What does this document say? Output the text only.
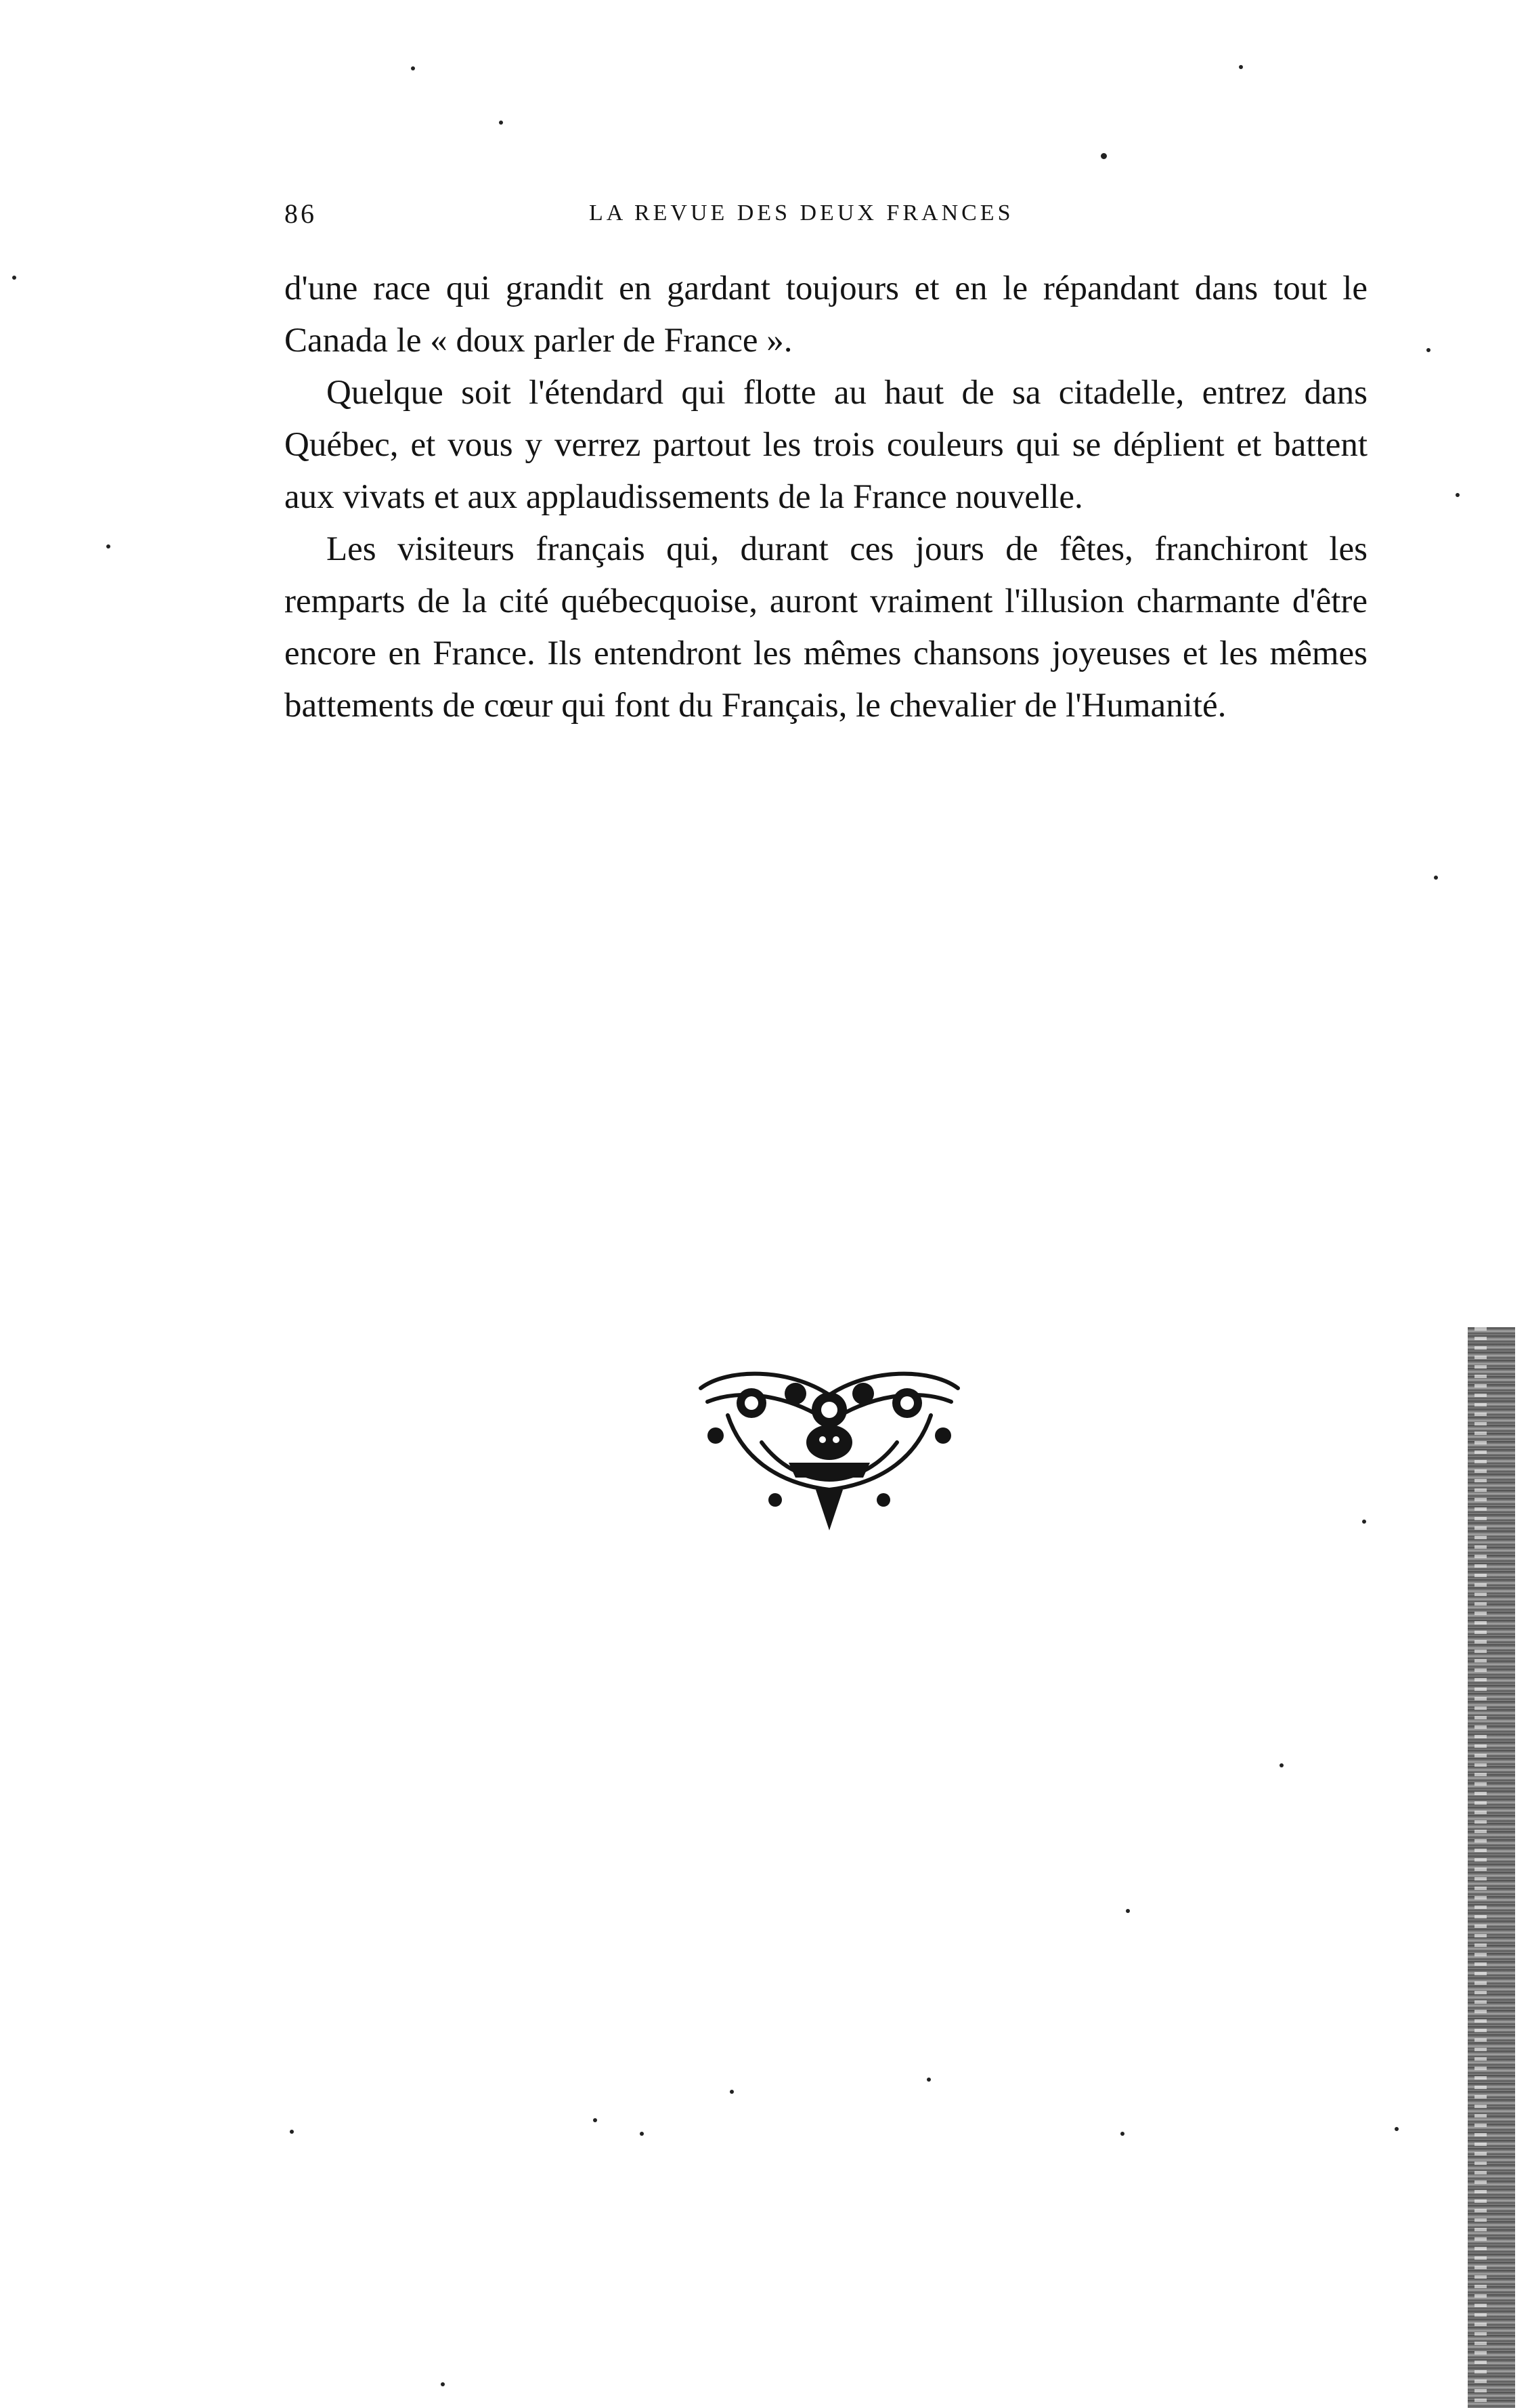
86	LA REVUE DES DEUX FRANCES

d'une race qui grandit en gardant toujours et en le répandant dans tout le Canada le « doux parler de France ».

Quelque soit l'étendard qui flotte au haut de sa citadelle, entrez dans Québec, et vous y verrez partout les trois couleurs qui se déplient et battent aux vivats et aux applaudissements de la France nouvelle.

Les visiteurs français qui, durant ces jours de fêtes, franchiront les remparts de la cité québecquoise, auront vraiment l'illusion charmante d'être encore en France. Ils entendront les mêmes chansons joyeuses et les mêmes battements de cœur qui font du Français, le chevalier de l'Humanité.
